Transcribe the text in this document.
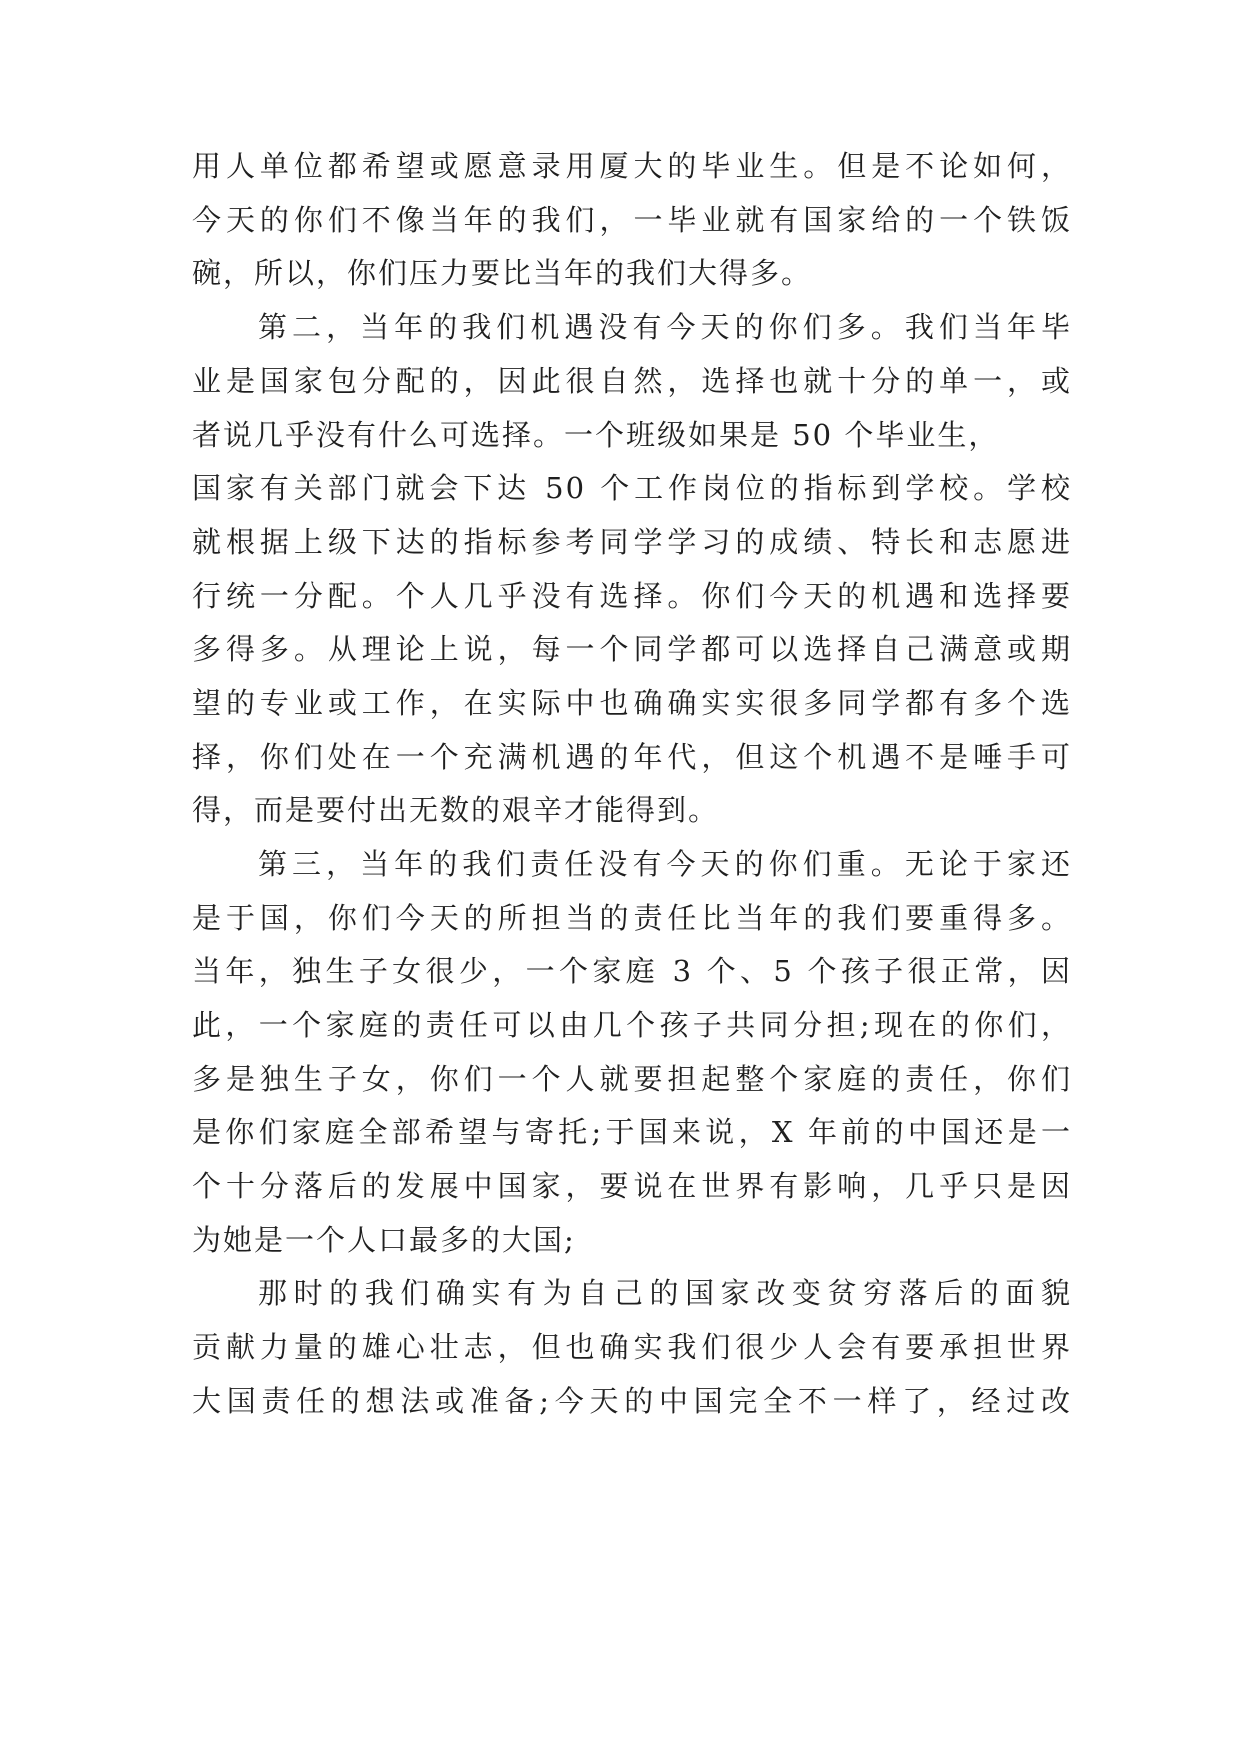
用人单位都希望或愿意录用厦大的毕业生。但是不论如何，
今天的你们不像当年的我们，一毕业就有国家给的一个铁饭
碗，所以，你们压力要比当年的我们大得多。
第二，当年的我们机遇没有今天的你们多。我们当年毕
业是国家包分配的，因此很自然，选择也就十分的单一，或
者说几乎没有什么可选择。一个班级如果是 50 个毕业生，
国家有关部门就会下达 50 个工作岗位的指标到学校。学校
就根据上级下达的指标参考同学学习的成绩、特长和志愿进
行统一分配。个人几乎没有选择。你们今天的机遇和选择要
多得多。从理论上说，每一个同学都可以选择自己满意或期
望的专业或工作，在实际中也确确实实很多同学都有多个选
择，你们处在一个充满机遇的年代，但这个机遇不是唾手可
得，而是要付出无数的艰辛才能得到。
第三，当年的我们责任没有今天的你们重。无论于家还
是于国，你们今天的所担当的责任比当年的我们要重得多。
当年，独生子女很少，一个家庭 3 个、5 个孩子很正常，因
此，一个家庭的责任可以由几个孩子共同分担;现在的你们，
多是独生子女，你们一个人就要担起整个家庭的责任，你们
是你们家庭全部希望与寄托;于国来说，X 年前的中国还是一
个十分落后的发展中国家，要说在世界有影响，几乎只是因
为她是一个人口最多的大国;
那时的我们确实有为自己的国家改变贫穷落后的面貌
贡献力量的雄心壮志，但也确实我们很少人会有要承担世界
大国责任的想法或准备;今天的中国完全不一样了，经过改
